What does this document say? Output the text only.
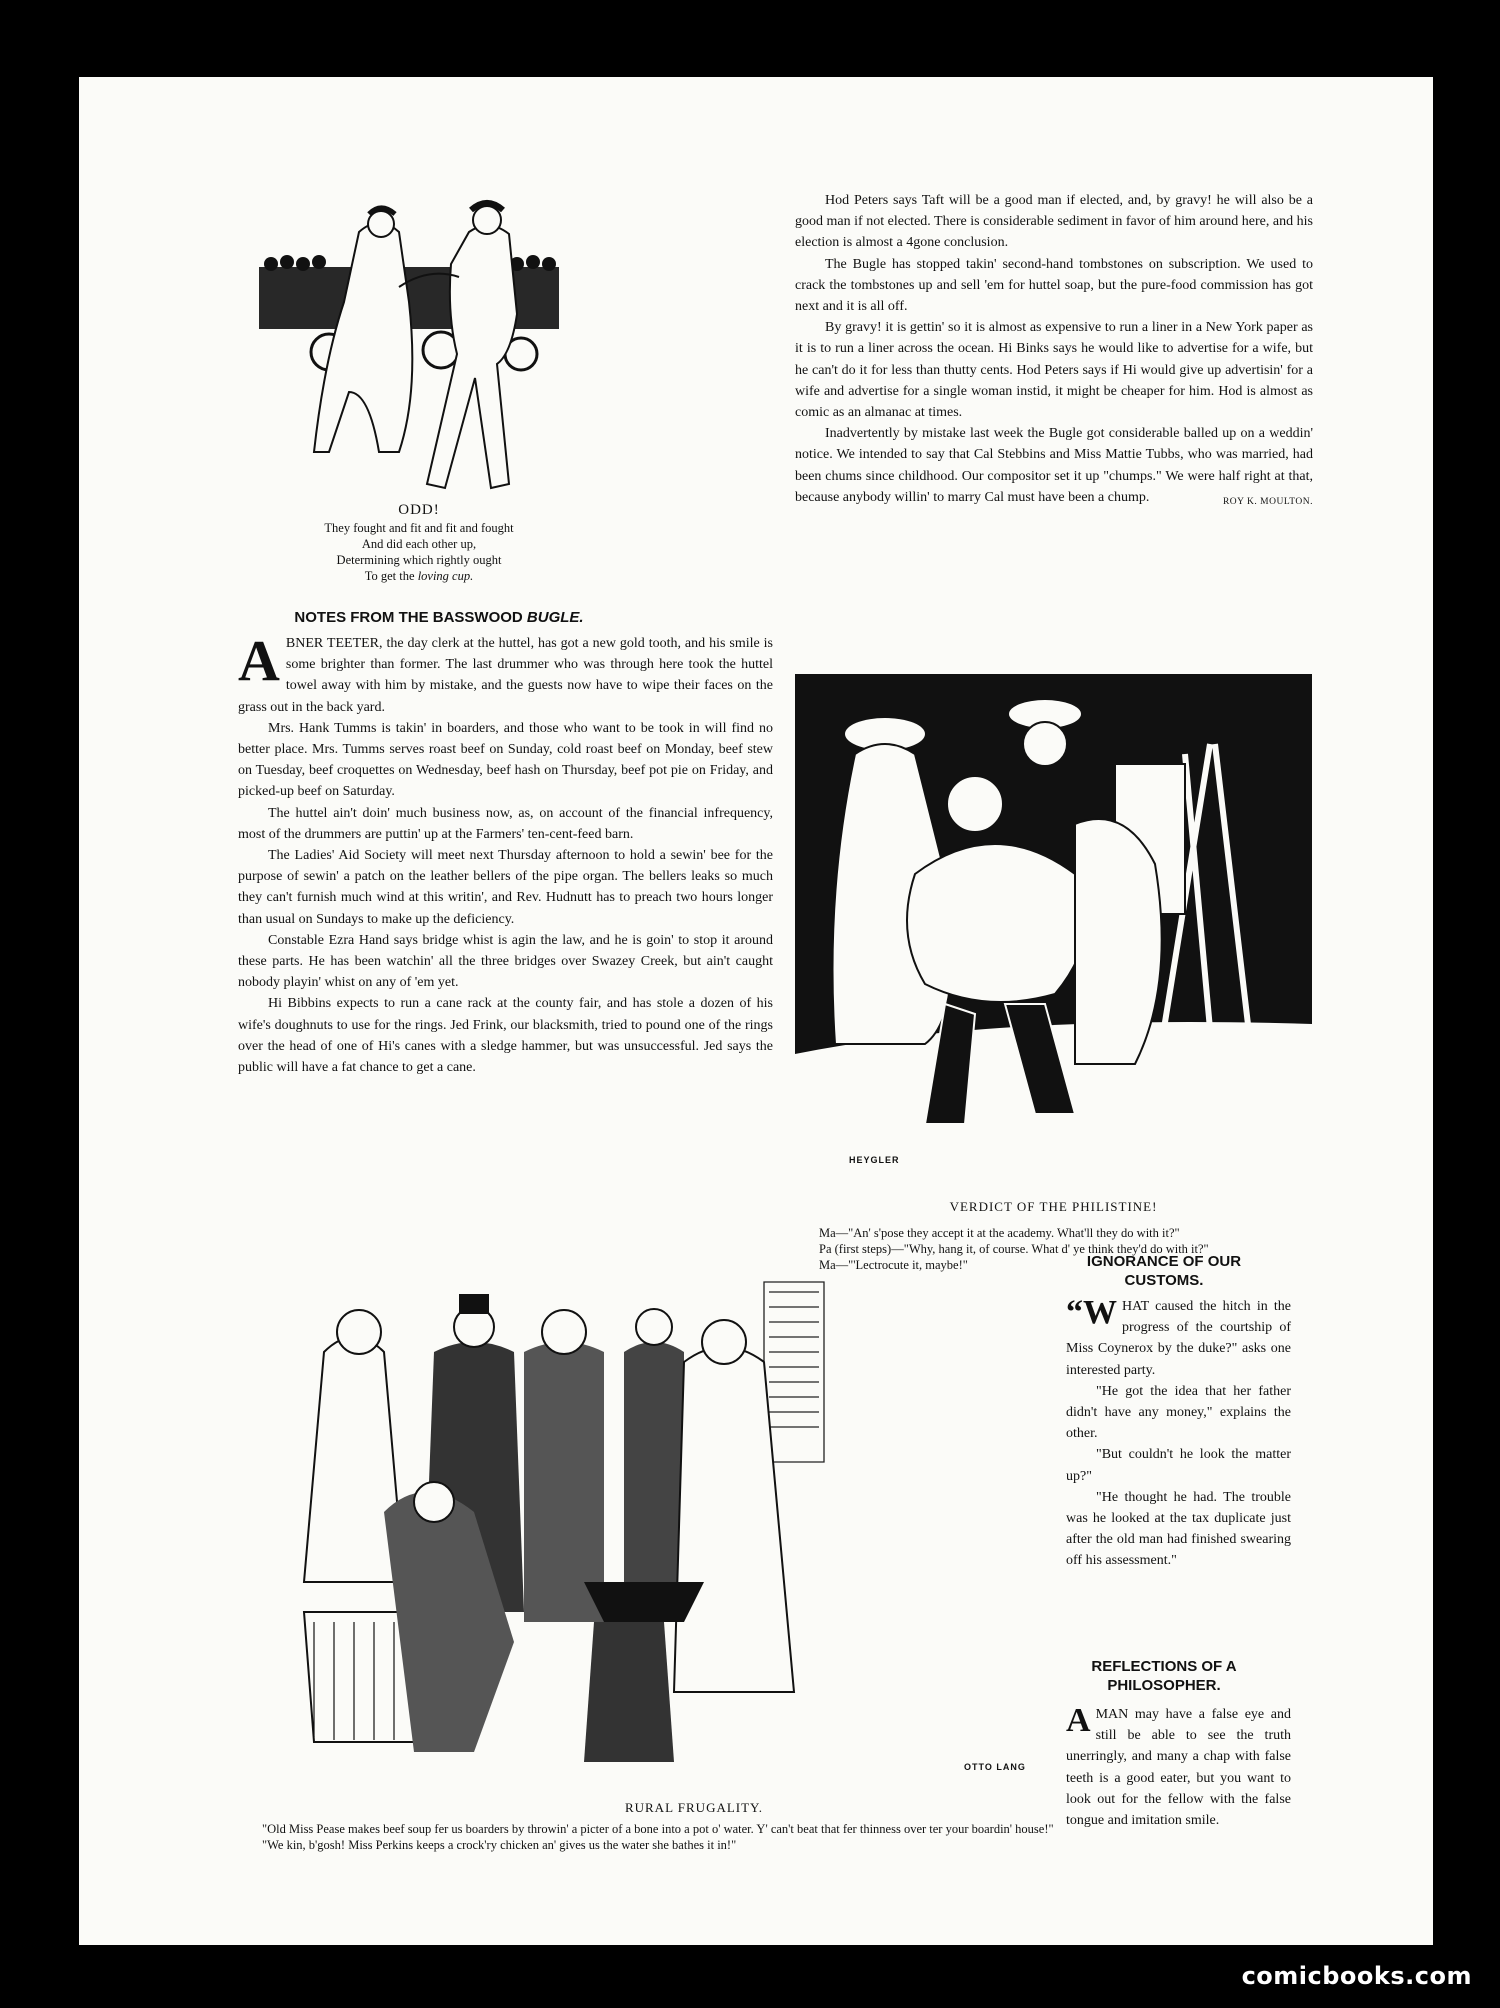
ODD!
They fought and fit and fit and fought
And did each other up,
Determining which rightly ought
To get the loving cup.
NOTES FROM THE BASSWOOD BUGLE.

ABNER TEETER, the day clerk at the huttel, has got a new gold tooth, and his smile is some brighter than former. The last drummer who was through here took the huttel towel away with him by mistake, and the guests now have to wipe their faces on the grass out in the back yard.

Mrs. Hank Tumms is takin' in boarders, and those who want to be took in will find no better place. Mrs. Tumms serves roast beef on Sunday, cold roast beef on Monday, beef stew on Tuesday, beef croquettes on Wednesday, beef hash on Thursday, beef pot pie on Friday, and picked-up beef on Saturday.

The huttel ain't doin' much business now, as, on account of the financial infrequency, most of the drummers are puttin' up at the Farmers' ten-cent-feed barn.

The Ladies' Aid Society will meet next Thursday afternoon to hold a sewin' bee for the purpose of sewin' a patch on the leather bellers of the pipe organ. The bellers leaks so much they can't furnish much wind at this writin', and Rev. Hudnutt has to preach two hours longer than usual on Sundays to make up the deficiency.

Constable Ezra Hand says bridge whist is agin the law, and he is goin' to stop it around these parts. He has been watchin' all the three bridges over Swazey Creek, but ain't caught nobody playin' whist on any of 'em yet.

Hi Bibbins expects to run a cane rack at the county fair, and has stole a dozen of his wife's doughnuts to use for the rings. Jed Frink, our blacksmith, tried to pound one of the rings over the head of one of Hi's canes with a sledge hammer, but was unsuccessful. Jed says the public will have a fat chance to get a cane.

Hod Peters says Taft will be a good man if elected, and, by gravy! he will also be a good man if not elected. There is considerable sediment in favor of him around here, and his election is almost a 4gone conclusion.

The Bugle has stopped takin' second-hand tombstones on subscription. We used to crack the tombstones up and sell 'em for huttel soap, but the pure-food commission has got next and it is all off.

By gravy! it is gettin' so it is almost as expensive to run a liner in a New York paper as it is to run a liner across the ocean. Hi Binks says he would like to advertise for a wife, but he can't do it for less than thutty cents. Hod Peters says if Hi would give up advertisin' for a wife and advertise for a single woman instid, it might be cheaper for him. Hod is almost as comic as an almanac at times.

Inadvertently by mistake last week the Bugle got considerable balled up on a weddin' notice. We intended to say that Cal Stebbins and Miss Mattie Tubbs, who was married, had been chums since childhood. Our compositor set it up "chumps." We were half right at that, because anybody willin' to marry Cal must have been a chump.	ROY K. MOULTON.

HEYGLER
VERDICT OF THE PHILISTINE!

Ma—"An' s'pose they accept it at the academy. What'll they do with it?"

Pa (first steps)—"Why, hang it, of course. What d' ye think they'd do with it?"

Ma—"'Lectrocute it, maybe!"

OTTO LANG
RURAL FRUGALITY.

"Old Miss Pease makes beef soup fer us boarders by throwin' a picter of a bone into a pot o' water. Y' can't beat that fer thinness over ter your boardin' house!"

"We kin, b'gosh! Miss Perkins keeps a crock'ry chicken an' gives us the water she bathes it in!"

IGNORANCE OF OUR CUSTOMS.

“WHAT caused the hitch in the progress of the courtship of Miss Coynerox by the duke?" asks one interested party.

"He got the idea that her father didn't have any money," explains the other.

"But couldn't he look the matter up?"

"He thought he had. The trouble was he looked at the tax duplicate just after the old man had finished swearing off his assessment."

REFLECTIONS OF A PHILOSOPHER.

AMAN may have a false eye and still be able to see the truth unerringly, and many a chap with false teeth is a good eater, but you want to look out for the fellow with the false tongue and imitation smile.

comicbooks.com
